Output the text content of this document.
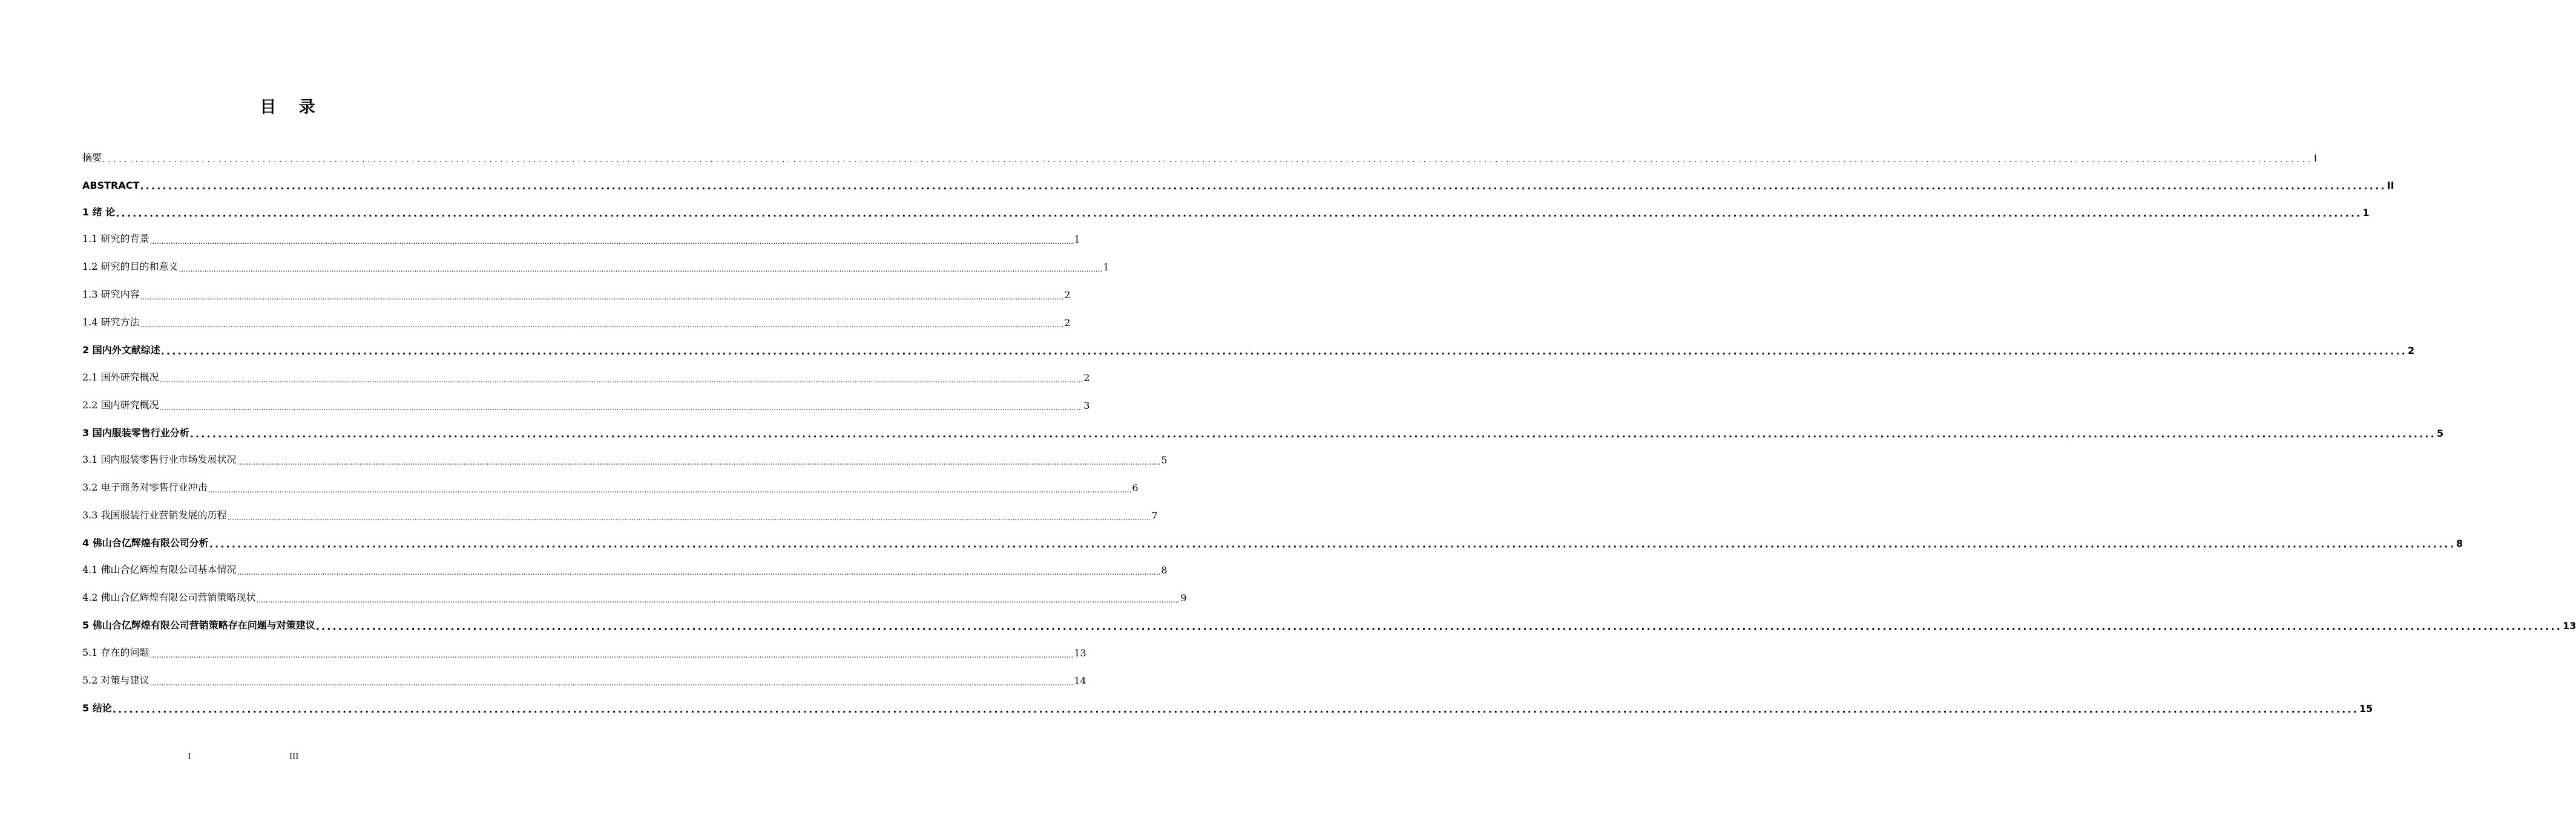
目 录
摘要 ................................................................................................................................................................................................................................................................................................................................................................................................................ I
ABSTRACT ................................................................................................................................................................................................................................................................................................................................................................................................................ II
1 绪 论 ................................................................................................................................................................................................................................................................................................................................................................................................................ 1
1.1 研究的背景 ................................................................................................................................................................................................................................................................................................................................................................................................................ 1
1.2 研究的目的和意义 ................................................................................................................................................................................................................................................................................................................................................................................................................ 1
1.3 研究内容 ................................................................................................................................................................................................................................................................................................................................................................................................................ 2
1.4 研究方法 ................................................................................................................................................................................................................................................................................................................................................................................................................ 2
2 国内外文献综述 ................................................................................................................................................................................................................................................................................................................................................................................................................ 2
2.1 国外研究概况 ................................................................................................................................................................................................................................................................................................................................................................................................................ 2
2.2 国内研究概况 ................................................................................................................................................................................................................................................................................................................................................................................................................ 3
3 国内服装零售行业分析 ................................................................................................................................................................................................................................................................................................................................................................................................................ 5
3.1 国内服装零售行业市场发展状况 ................................................................................................................................................................................................................................................................................................................................................................................................................ 5
3.2 电子商务对零售行业冲击 ................................................................................................................................................................................................................................................................................................................................................................................................................ 6
3.3 我国服装行业营销发展的历程 ................................................................................................................................................................................................................................................................................................................................................................................................................ 7
4 佛山合亿辉煌有限公司分析 ................................................................................................................................................................................................................................................................................................................................................................................................................ 8
4.1 佛山合亿辉煌有限公司基本情况 ................................................................................................................................................................................................................................................................................................................................................................................................................ 8
4.2 佛山合亿辉煌有限公司营销策略现状 ................................................................................................................................................................................................................................................................................................................................................................................................................ 9
5 佛山合亿辉煌有限公司营销策略存在问题与对策建议 ................................................................................................................................................................................................................................................................................................................................................................................................................ 13
5.1 存在的问题 ................................................................................................................................................................................................................................................................................................................................................................................................................ 13
5.2 对策与建议 ................................................................................................................................................................................................................................................................................................................................................................................................................ 14
5 结论 ................................................................................................................................................................................................................................................................................................................................................................................................................ 15
1	III
